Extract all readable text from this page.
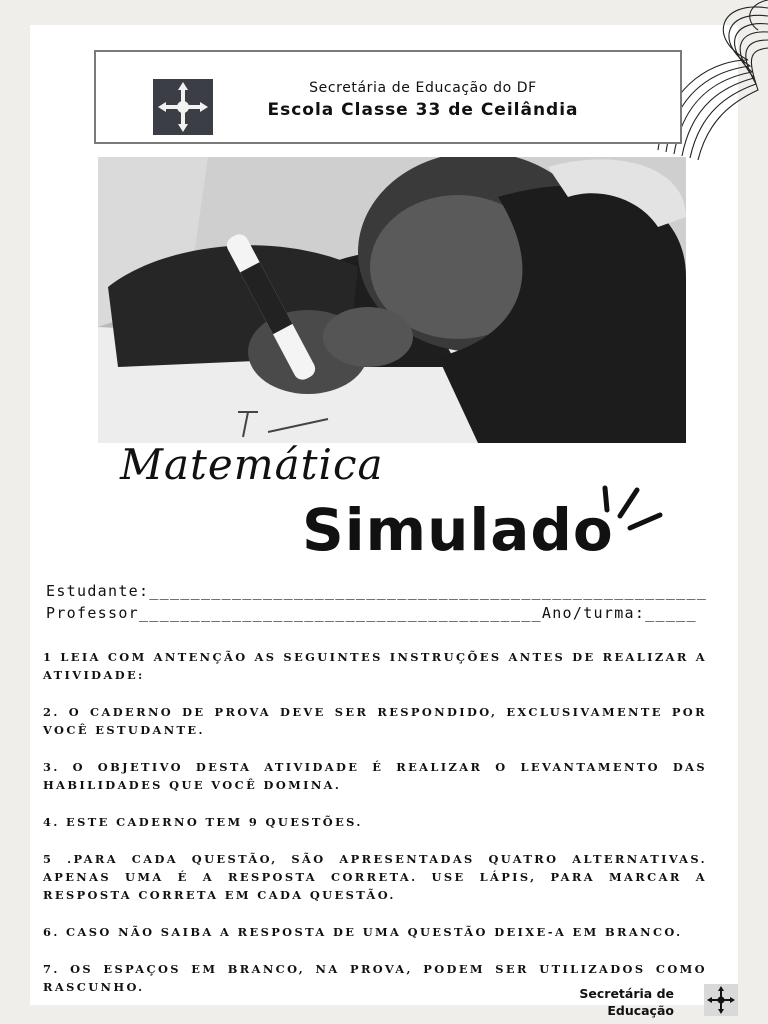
Secretária de Educação do DF
Escola Classe 33 de Ceilândia
Matemática
Simulado
Estudante:______________________________________________________
Professor_______________________________________Ano/turma:_____

1 LEIA COM ANTENÇÃO AS SEGUINTES INSTRUÇÕES ANTES DE REALIZAR A ATIVIDADE:

2. O CADERNO DE PROVA DEVE SER RESPONDIDO, EXCLUSIVAMENTE POR VOCÊ ESTUDANTE.

3. O OBJETIVO DESTA ATIVIDADE É REALIZAR O LEVANTAMENTO DAS HABILIDADES QUE VOCÊ DOMINA.

4. ESTE CADERNO TEM 9 QUESTÕES.

5 .PARA CADA QUESTÃO, SÃO APRESENTADAS QUATRO ALTERNATIVAS. APENAS UMA É A RESPOSTA CORRETA. USE LÁPIS, PARA MARCAR A RESPOSTA CORRETA EM CADA QUESTÃO.

6. CASO NÃO SAIBA A RESPOSTA DE UMA QUESTÃO DEIXE-A EM BRANCO.

7. OS ESPAÇOS EM BRANCO, NA PROVA, PODEM SER UTILIZADOS COMO RASCUNHO.	Secretária de
Educação
